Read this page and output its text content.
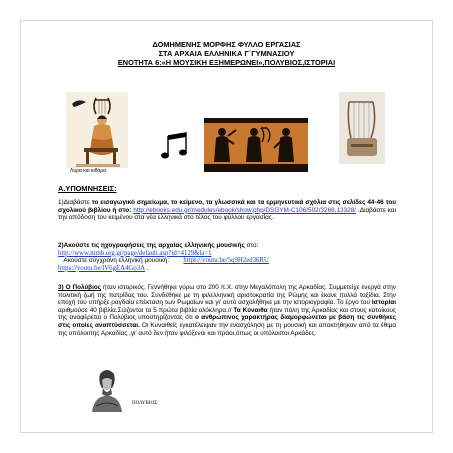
ΔΟΜΗΜΕΝΗΣ ΜΟΡΦΗΣ ΦΥΛΛΟ ΕΡΓΑΣΙΑΣ
ΣΤΑ ΑΡΧΑΙΑ ΕΛΛΗΝΙΚΑ Γ΄ΓΥΜΝΑΣΙΟΥ
ΕΝΟΤΗΤΑ 6:«Η ΜΟΥΣΙΚΗ ΕΞΗΜΕΡΩΝΕΙ»,ΠΟΛΥΒΙΟΣ,ΙΣΤΟΡΙΑΙ
Λύρα και κιθάρα
Α.ΥΠΟΜΝΗΣΕΙΣ:
1)Διαβάστε το εισαγωγικό σημείωμα, το κείμενο, τα γλωσσικά και τα ερμηνευτικά σχόλια στις σελίδες 44-46 του σχολικού βιβλίου ή στο: http://ebooks.edu.gr/modules/ebook/show.php/DSGYM-C106/502/3268,13328/ .Διαβάστε και την απόδοση του κειμένου στα νέα ελληνικά στο τέλος του φύλλου εργασίας.
2)Ακούστε τις ηχογραφήσεις της αρχαίας ελληνικής μουσικής στο:
http://www.mmb.org.gr/page/default.asp?id=4129&la=1
Ακούστε σύγχρονη ελληνική μουσική: https://youtu.be/5q9H2ed36RU
https://youtu.be/lV6gEA4Go3A .
3) Ο Πολύβιος ήταν ιστορικός. Γεννήθηκε γύρω στο 200 π.Χ. στην Μεγαλόπολη της Αρκαδίας. Συμμετείχε ενεργά στην πολιτική ζωή της πατρίδας του. Συνδέθηκε με τη φιλελληνική αριστοκρατία της Ρώμης και έκανε πολλά ταξίδια. Στην εποχή του υπήρξε ραγδαία επέκταση των Ρωμαίων και γι' αυτό ασχολήθηκε με την ιστοριογραφία. Το έργο του Ιστορίαι αριθμούσε 40 βιβλία.Σώζονται τα 5 πρώτα βιβλία ολόκληρα.// Τα Κύναιθα ήταν πόλη της Αρκαδίας και στους κατοίκους της αναφέρεται ο Πολύβιος υποστηρίζοντας ότι ο ανθρώπινος χαρακτήρας διαμορφώνεται με βάση τις συνθήκες στις οποίες αναπτύσσεται. Οι Κυναιθείς εγκατέλειψαν την ενασχόληση με τη μουσική και αποκτήθηκαν από τα έθιμα της υπόλοιπης Αρκαδίας ,γι' αυτό δεν ήταν φιλόξενοι και πράοι,όπως οι υπόλοιποι Αρκάδες.
ΠΟΛΥΒΙΟΣ
